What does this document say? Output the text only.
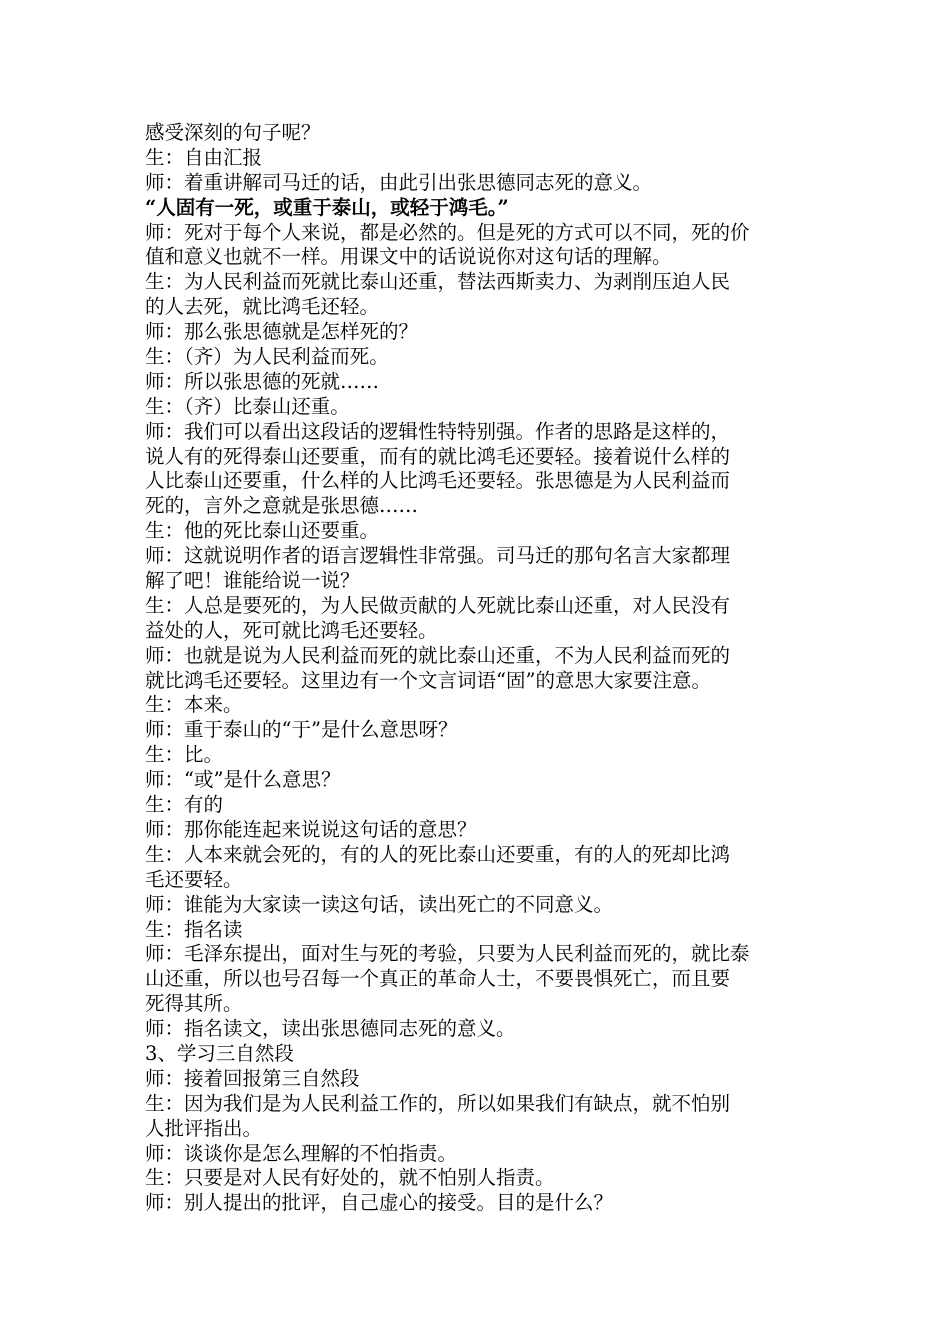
感受深刻的句子呢？
生：自由汇报
师：着重讲解司马迁的话，由此引出张思德同志死的意义。
“人固有一死，或重于泰山，或轻于鸿毛。”
师：死对于每个人来说，都是必然的。但是死的方式可以不同，死的价
值和意义也就不一样。用课文中的话说说你对这句话的理解。
生：为人民利益而死就比泰山还重，替法西斯卖力、为剥削压迫人民
的人去死，就比鸿毛还轻。
师：那么张思德就是怎样死的？
生：（齐）为人民利益而死。
师：所以张思德的死就……
生：（齐）比泰山还重。
师：我们可以看出这段话的逻辑性特特别强。作者的思路是这样的，
说人有的死得泰山还要重，而有的就比鸿毛还要轻。接着说什么样的
人比泰山还要重，什么样的人比鸿毛还要轻。张思德是为人民利益而
死的，言外之意就是张思德……
生：他的死比泰山还要重。
师：这就说明作者的语言逻辑性非常强。司马迁的那句名言大家都理
解了吧！谁能给说一说？
生：人总是要死的，为人民做贡献的人死就比泰山还重，对人民没有
益处的人，死可就比鸿毛还要轻。
师：也就是说为人民利益而死的就比泰山还重，不为人民利益而死的
就比鸿毛还要轻。这里边有一个文言词语“固”的意思大家要注意。
生：本来。
师：重于泰山的“于”是什么意思呀？
生：比。
师：“或”是什么意思？
生：有的
师：那你能连起来说说这句话的意思？
生：人本来就会死的，有的人的死比泰山还要重，有的人的死却比鸿
毛还要轻。
师：谁能为大家读一读这句话，读出死亡的不同意义。
生：指名读
师：毛泽东提出，面对生与死的考验，只要为人民利益而死的，就比泰
山还重，所以也号召每一个真正的革命人士，不要畏惧死亡，而且要
死得其所。
师：指名读文，读出张思德同志死的意义。
3、学习三自然段
师：接着回报第三自然段
生：因为我们是为人民利益工作的，所以如果我们有缺点，就不怕别
人批评指出。
师：谈谈你是怎么理解的不怕指责。
生：只要是对人民有好处的，就不怕别人指责。
师：别人提出的批评，自己虚心的接受。目的是什么？
